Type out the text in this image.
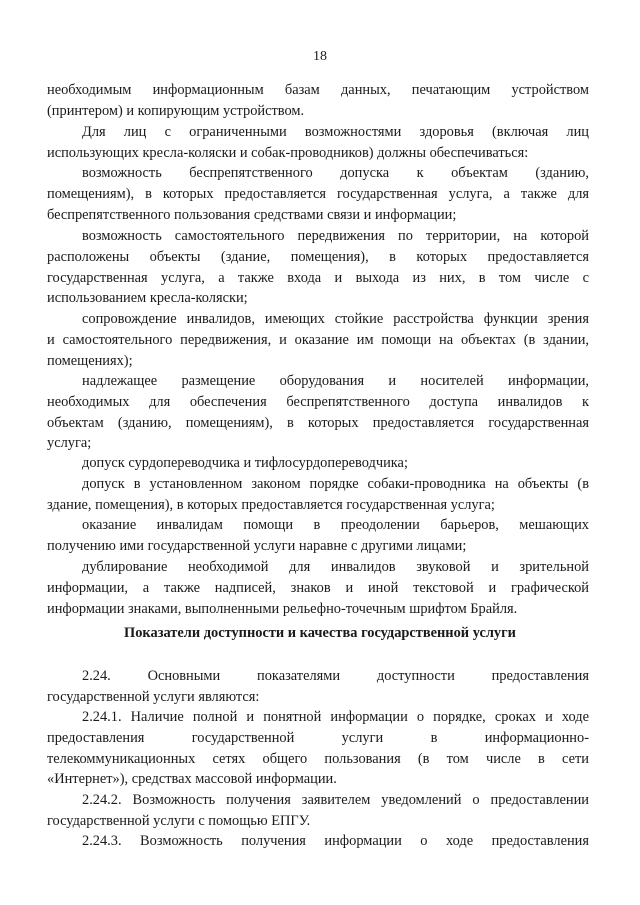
18

необходимым информационным базам данных, печатающим устройством
(принтером) и копирующим устройством.

Для лиц с ограниченными возможностями здоровья (включая лиц
использующих кресла-коляски и собак-проводников) должны обеспечиваться:

возможность беспрепятственного допуска к объектам (зданию,
помещениям), в которых предоставляется государственная услуга, а также для
беспрепятственного пользования средствами связи и информации;

возможность самостоятельного передвижения по территории, на которой
расположены объекты (здание, помещения), в которых предоставляется
государственная услуга, а также входа и выхода из них, в том числе с
использованием кресла-коляски;

сопровождение инвалидов, имеющих стойкие расстройства функции зрения
и самостоятельного передвижения, и оказание им помощи на объектах (в здании,
помещениях);

надлежащее размещение оборудования и носителей информации,
необходимых для обеспечения беспрепятственного доступа инвалидов к
объектам (зданию, помещениям), в которых предоставляется государственная
услуга;

допуск сурдопереводчика и тифлосурдопереводчика;

допуск в установленном законом порядке собаки-проводника на объекты (в
здание, помещения), в которых предоставляется государственная услуга;

оказание инвалидам помощи в преодолении барьеров, мешающих
получению ими государственной услуги наравне с другими лицами;

дублирование необходимой для инвалидов звуковой и зрительной
информации, а также надписей, знаков и иной текстовой и графической
информации знаками, выполненными рельефно-точечным шрифтом Брайля.

Показатели доступности и качества государственной услуги

2.24. Основными показателями доступности предоставления
государственной услуги являются:

2.24.1. Наличие полной и понятной информации о порядке, сроках и ходе
предоставления государственной услуги в информационно-
телекоммуникационных сетях общего пользования (в том числе в сети
«Интернет»), средствах массовой информации.

2.24.2. Возможность получения заявителем уведомлений о предоставлении
государственной услуги с помощью ЕПГУ.

2.24.3. Возможность получения информации о ходе предоставления
